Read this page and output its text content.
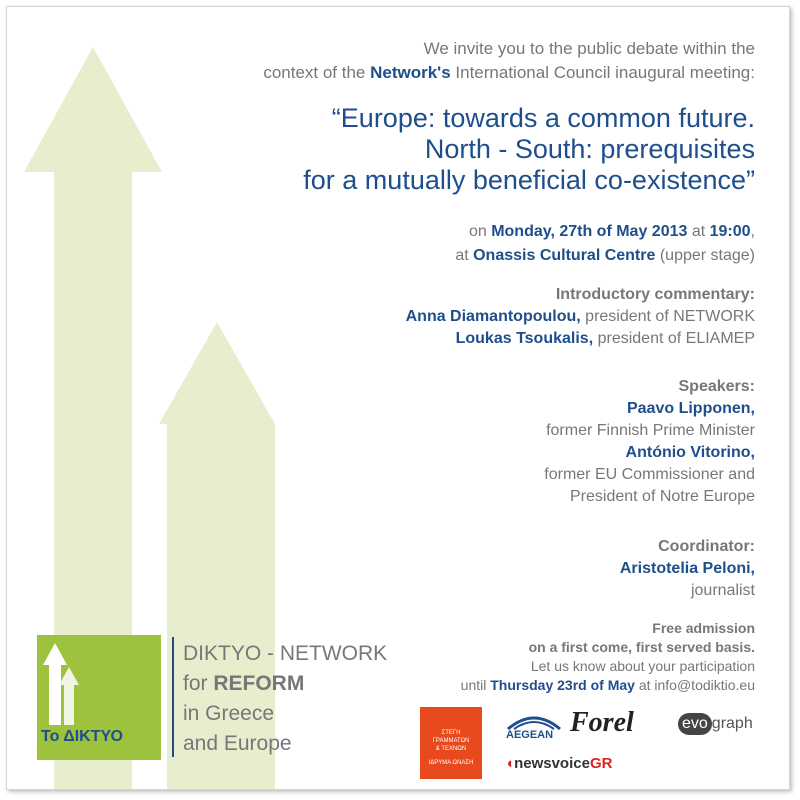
We invite you to the public debate within the
context of the Network's International Council inaugural meeting:
“Europe: towards a common future.
North - South: prerequisites
for a mutually beneficial co-existence”
on Monday, 27th of May 2013 at 19:00,
at Onassis Cultural Centre (upper stage)
Introductory commentary:
Anna Diamantopoulou, president of NETWORK
Loukas Tsoukalis, president of ELIAMEP
Speakers:
Paavo Lipponen,
former Finnish Prime Minister
António Vitorino,
former EU Commissioner and
President of Notre Europe
Coordinator:
Aristotelia Peloni,
journalist
Free admission
on a first come, first served basis.
Let us know about your participation
until Thursday 23rd of May at info@todiktio.eu
Το ΔΙΚΤΥΟ
DIKTYO - NETWORK
for REFORM
in Greece
and Europe	ΣΤΕΓΗ
ΓΡΑΜΜΑΤΩΝ
& ΤΕΧΝΩΝ
ΙΔΡΥΜΑ ΩΝΑΣΗ
AEGEAN Forel	evo graph
◖newsvoiceGR
